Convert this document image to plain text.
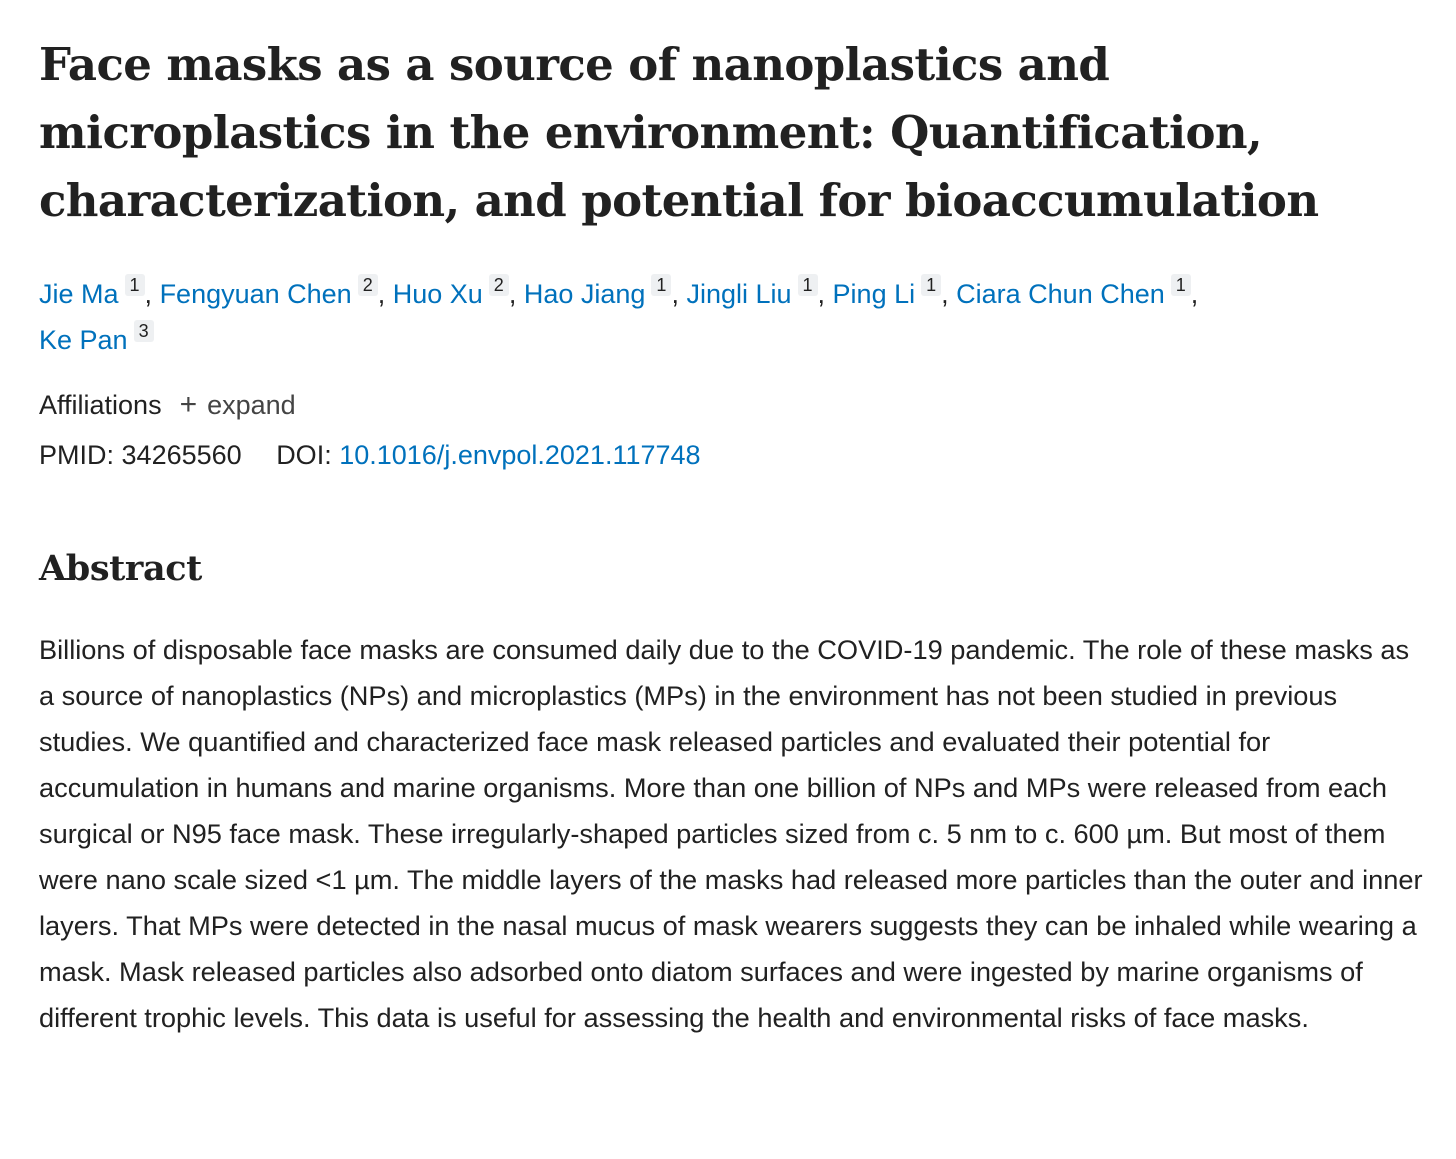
Face masks as a source of nanoplastics and microplastics in the environment: Quantification, characterization, and potential for bioaccumulation
Jie Ma 1 , Fengyuan Chen 2 , Huo Xu 2 , Hao Jiang 1 , Jingli Liu 1 , Ping Li 1 , Ciara Chun Chen 1 ,
Ke Pan 3
Affiliations + expand
PMID: 34265560 DOI: 10.1016/j.envpol.2021.117748
Abstract

Billions of disposable face masks are consumed daily due to the COVID-19 pandemic. The role of these masks as a source of nanoplastics (NPs) and microplastics (MPs) in the environment has not been studied in previous studies. We quantified and characterized face mask released particles and evaluated their potential for accumulation in humans and marine organisms. More than one billion of NPs and MPs were released from each surgical or N95 face mask. These irregularly-shaped particles sized from c. 5 nm to c. 600 µm. But most of them were nano scale sized <1 µm. The middle layers of the masks had released more particles than the outer and inner layers. That MPs were detected in the nasal mucus of mask wearers suggests they can be inhaled while wearing a mask. Mask released particles also adsorbed onto diatom surfaces and were ingested by marine organisms of different trophic levels. This data is useful for assessing the health and environmental risks of face masks.
